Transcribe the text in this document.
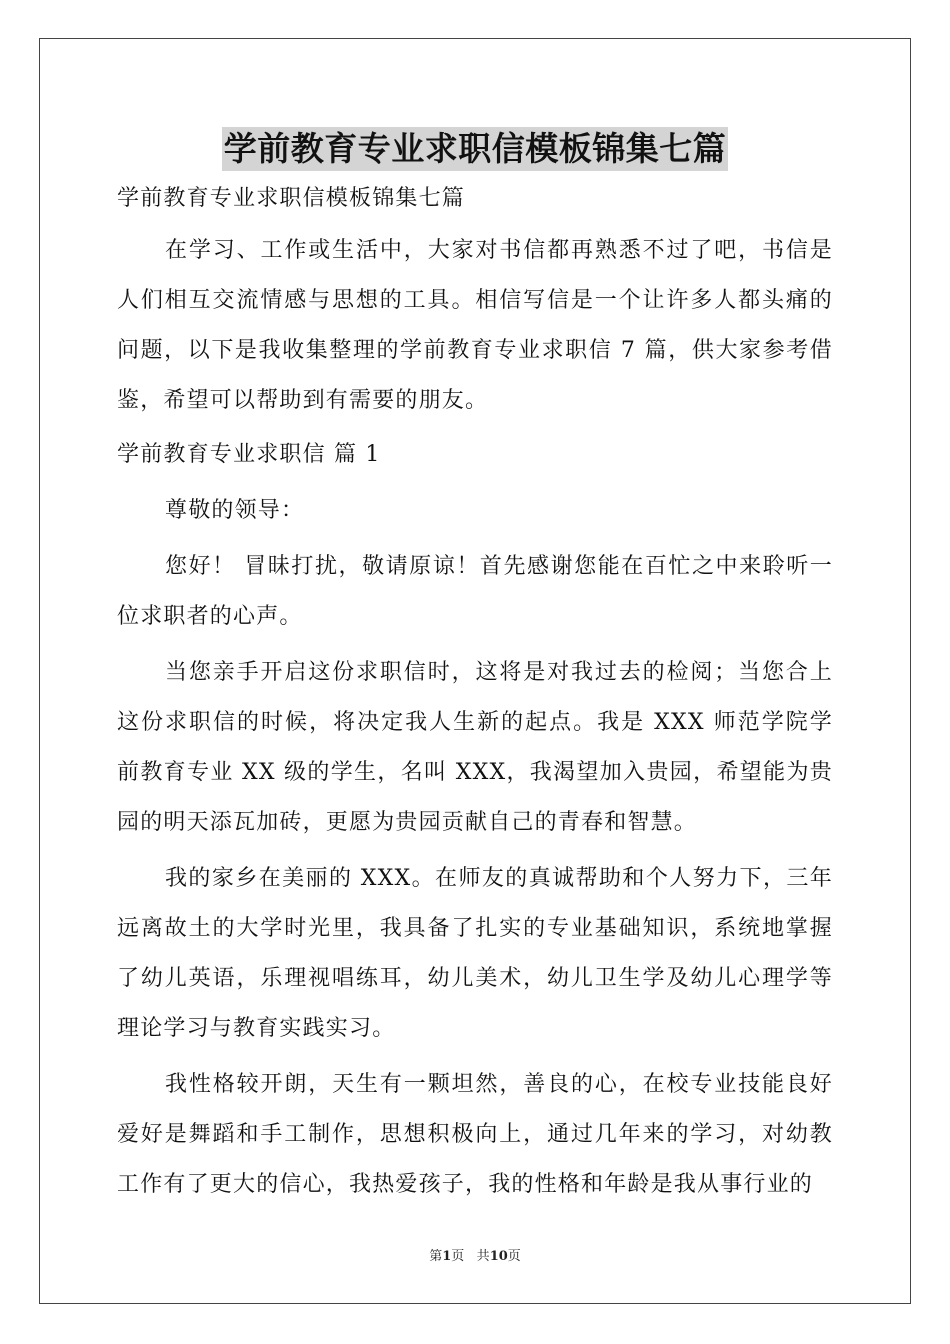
学前教育专业求职信模板锦集七篇

学前教育专业求职信模板锦集七篇

在学习、工作或生活中，大家对书信都再熟悉不过了吧，书信是人们相互交流情感与思想的工具。相信写信是一个让许多人都头痛的问题，以下是我收集整理的学前教育专业求职信 7 篇，供大家参考借鉴，希望可以帮助到有需要的朋友。

学前教育专业求职信 篇 1

尊敬的领导：

您好！ 冒昧打扰，敬请原谅！首先感谢您能在百忙之中来聆听一位求职者的心声。

当您亲手开启这份求职信时，这将是对我过去的检阅；当您合上这份求职信的时候，将决定我人生新的起点。我是 XXX 师范学院学前教育专业 XX 级的学生，名叫 XXX，我渴望加入贵园，希望能为贵园的明天添瓦加砖，更愿为贵园贡献自己的青春和智慧。

我的家乡在美丽的 XXX。在师友的真诚帮助和个人努力下，三年远离故土的大学时光里，我具备了扎实的专业基础知识，系统地掌握了幼儿英语，乐理视唱练耳，幼儿美术，幼儿卫生学及幼儿心理学等理论学习与教育实践实习。

我性格较开朗，天生有一颗坦然，善良的心，在校专业技能良好爱好是舞蹈和手工制作，思想积极向上，通过几年来的学习，对幼教工作有了更大的信心，我热爱孩子，我的性格和年龄是我从事行业的

第1页 共10页
